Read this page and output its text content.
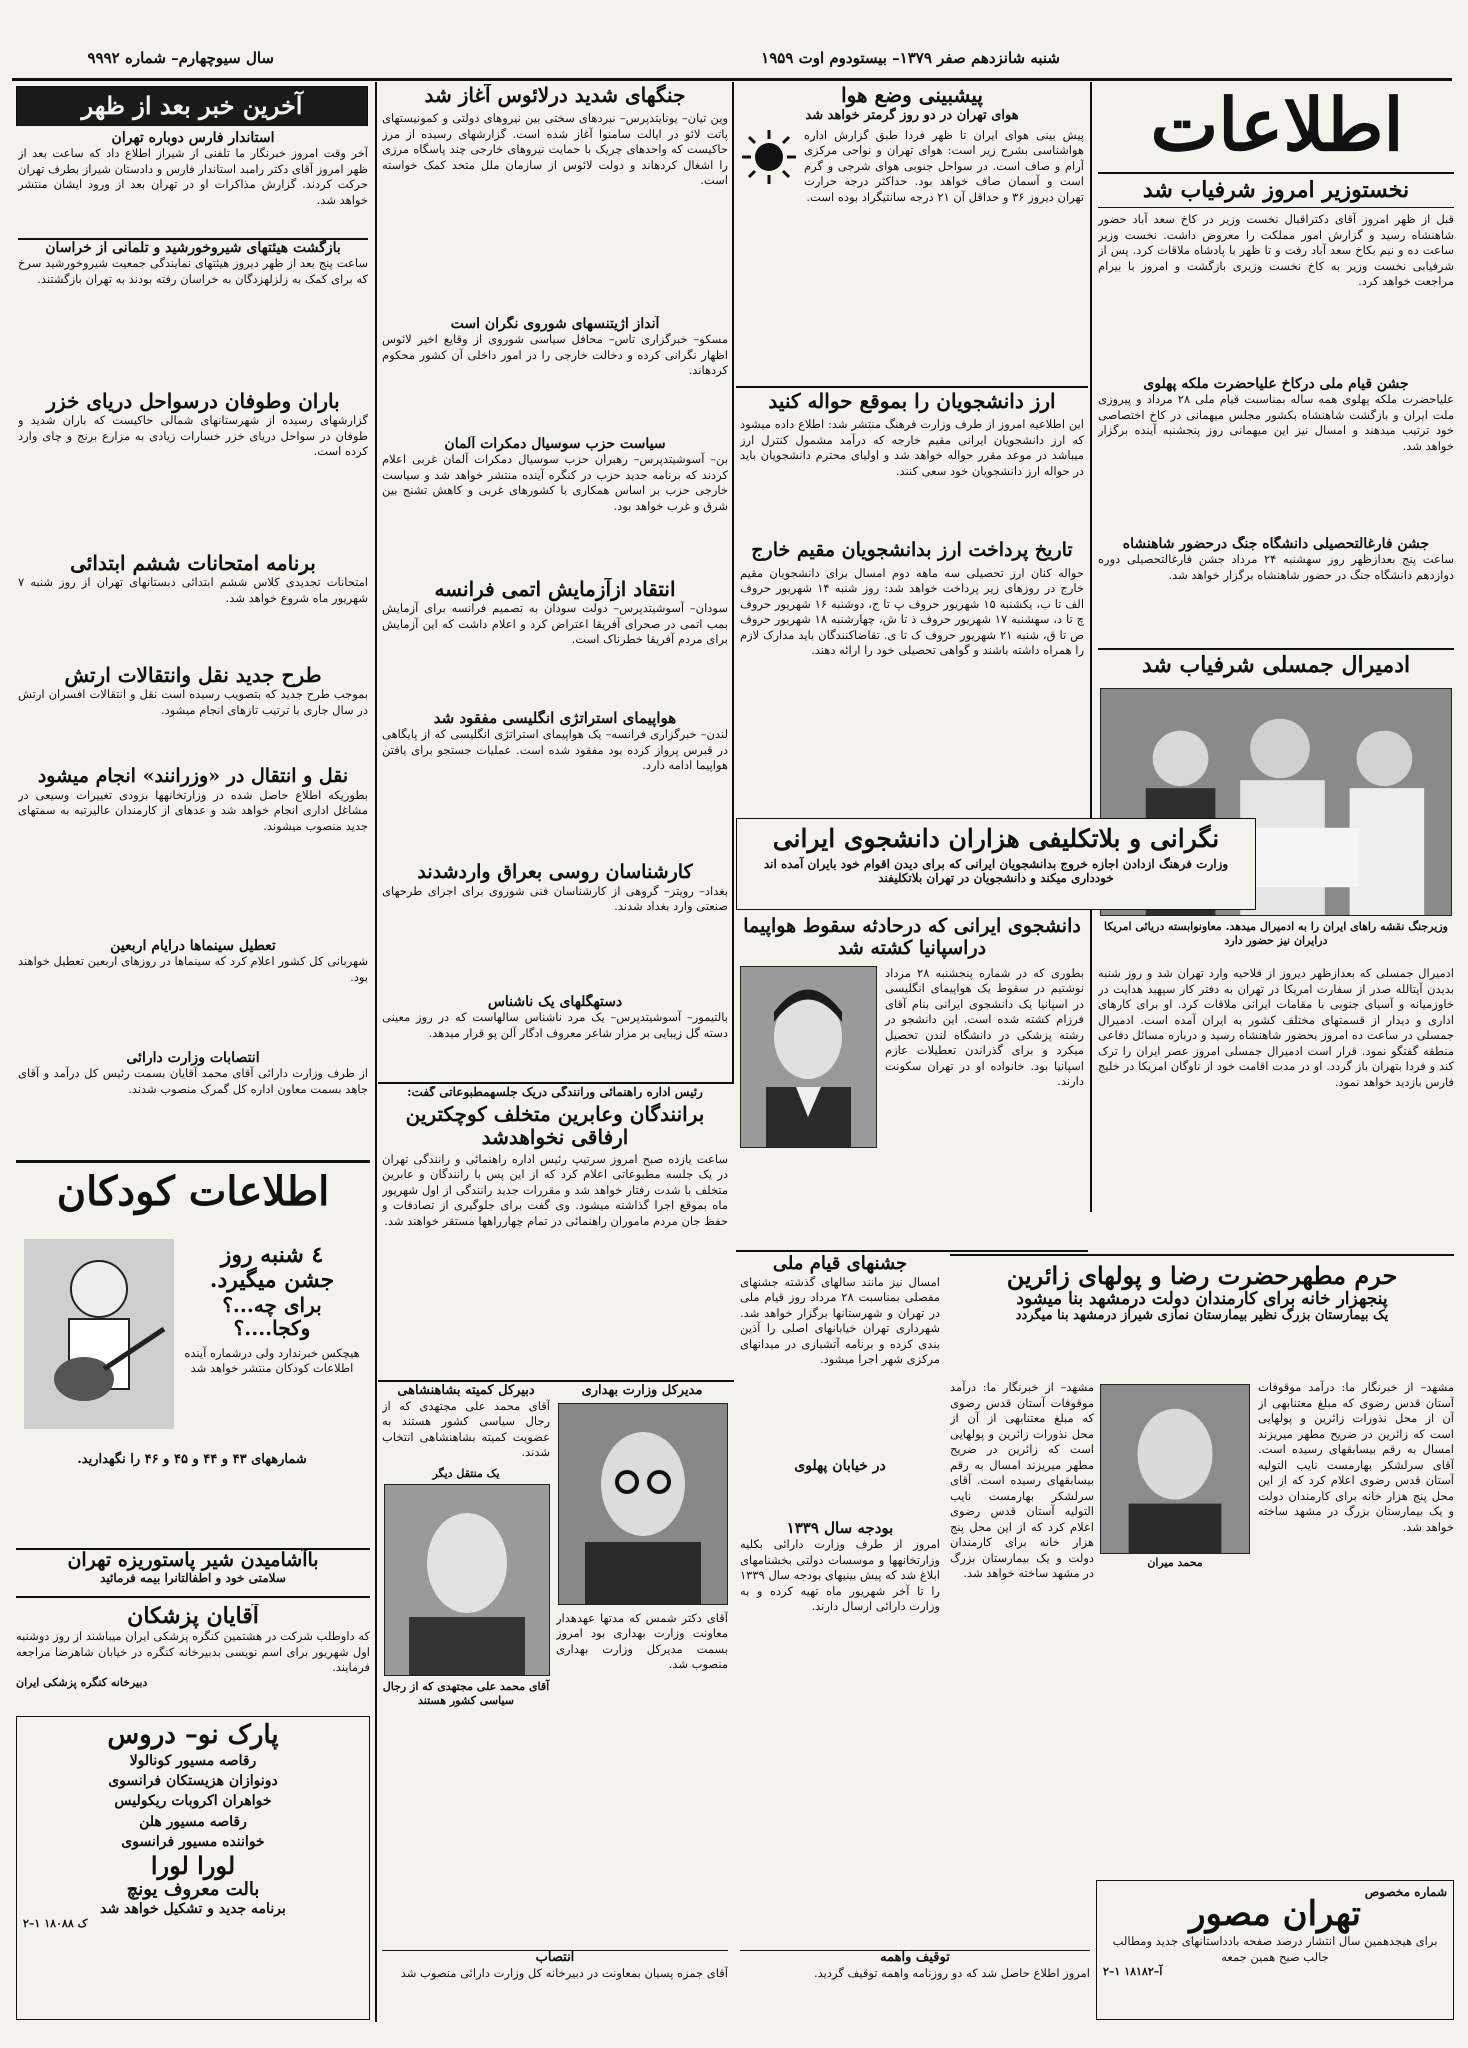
سال سیوچهارم– شماره ۹۹۹۲	شنبه شانزدهم صفر ۱۳۷۹– بیستودوم اوت ۱۹۵۹
اطلاعات
نخستوزیر امروز شرفیاب شد
قبل از ظهر امروز آقای دکتراقبال نخست وزیر در کاخ سعد آباد حضور شاهنشاه رسید و گزارش امور مملکت را معروض داشت. نخست وزیر ساعت ده و نیم بکاخ سعد آباد رفت و تا ظهر با پادشاه ملاقات کرد. پس از شرفیابی نخست وزیر به کاخ نخست وزیری بازگشت و امروز با بیرام مراجعت خواهد کرد.
جشن قیام ملی درکاخ علیاحضرت ملکه پهلوی
علیاحضرت ملکه پهلوی همه ساله بمناسبت قیام ملی ۲۸ مرداد و پیروزی ملت ایران و بازگشت شاهنشاه بکشور مجلس میهمانی در کاخ اختصاصی خود ترتیب میدهند و امسال نیز این میهمانی روز پنجشنبه آینده برگزار خواهد شد.
جشن فارغالتحصیلی دانشگاه جنگ درحضور شاهنشاه
ساعت پنج بعدازظهر روز سهشنبه ۲۴ مرداد جشن فارغالتحصیلی دوره دوازدهم دانشگاه جنگ در حضور شاهنشاه برگزار خواهد شد.
ادمیرال جمسلی شرفیاب شد
وزیرجنگ نقشه راهای ایران را به ادمیرال میدهد. معاونوابسته دریائی امریکا درایران نیز حضور دارد
ادمیرال جمسلی که بعدازظهر دیروز از فلاحیه وارد تهران شد و روز شنبه بدیدن آیتالله صدر از سفارت امریکا در تهران به دفتر کار سپهبد هدایت در خاوزمیانه و آسیای جنوبی با مقامات ایرانی ملاقات کرد. او برای کارهای اداری و دیدار از قسمتهای مختلف کشور به ایران آمده است. ادمیرال جمسلی در ساعت ده امروز بحضور شاهنشاه رسید و درباره مسائل دفاعی منطقه گفتگو نمود. قرار است ادمیرال جمسلی امروز عصر ایران را ترک کند و فردا بتهران باز گردد. او در مدت اقامت خود از ناوگان امریکا در خلیج فارس بازدید خواهد نمود.
پیشبینی وضع هوا
هوای تهران در دو روز گرمتر خواهد شد
پیش بینی هوای ایران تا ظهر فردا طبق گزارش اداره هواشناسی بشرح زیر است: هوای تهران و نواحی مرکزی آرام و صاف است. در سواحل جنوبی هوای شرجی و گرم است و آسمان صاف خواهد بود. حداکثر درجه حرارت تهران دیروز ۳۶ و حداقل آن ۲۱ درجه سانتیگراد بوده است.
ارز دانشجویان را بموقع حواله کنید
این اطلاعیه امروز از طرف وزارت فرهنگ منتشر شد: اطلاع داده میشود که ارز دانشجویان ایرانی مقیم خارجه که درآمد مشمول کنترل ارز میباشد در موعد مقرر حواله خواهد شد و اولیای محترم دانشجویان باید در حواله ارز دانشجویان خود سعی کنند.
تاریخ پرداخت ارز بدانشجویان مقیم خارج
حواله کنان ارز تحصیلی سه ماهه دوم امسال برای دانشجویان مقیم خارج در روزهای زیر پرداخت خواهد شد: روز شنبه ۱۴ شهریور حروف الف تا ب، یکشنبه ۱۵ شهریور حروف پ تا ج، دوشنبه ۱۶ شهریور حروف چ تا د، سهشنبه ۱۷ شهریور حروف ذ تا ش، چهارشنبه ۱۸ شهریور حروف ص تا ق، شنبه ۲۱ شهریور حروف ک تا ی. تقاضاکنندگان باید مدارک لازم را همراه داشته باشند و گواهی تحصیلی خود را ارائه دهند.
نگرانی و بلاتکلیفی هزاران دانشجوی ایرانی
وزارت فرهنگ ازدادن اجازه خروج بدانشجویان ایرانی که برای دیدن اقوام خود بایران آمده اند خودداری میکند و دانشجویان در تهران بلاتکلیفند
دانشجوی ایرانی که درحادثه سقوط هواپیما دراسپانیا کشته شد
بطوری که در شماره پنجشنبه ۲۸ مرداد نوشتیم در سقوط یک هواپیمای انگلیسی در اسپانیا یک دانشجوی ایرانی بنام آقای فرزام کشته شده است. این دانشجو در رشته پزشکی در دانشگاه لندن تحصیل میکرد و برای گذراندن تعطیلات عازم اسپانیا بود. خانواده او در تهران سکونت دارند.
جشنهای قیام ملی
امسال نیز مانند سالهای گذشته جشنهای مفصلی بمناسبت ۲۸ مرداد روز قیام ملی در تهران و شهرستانها برگزار خواهد شد. شهرداری تهران خیابانهای اصلی را آذین بندی کرده و برنامه آتشبازی در میدانهای مرکزی شهر اجرا میشود.
در خیابان پهلوی
بودجه سال ۱۳۳۹
امروز از طرف وزارت دارائی بکلیه وزارتخانهها و موسسات دولتی بخشنامهای ابلاغ شد که پیش بینیهای بودجه سال ۱۳۳۹ را تا آخر شهریور ماه تهیه کرده و به وزارت دارائی ارسال دارند.
حرم مطهرحضرت رضا و پولهای زائرین
پنجهزار خانه برای کارمندان دولت درمشهد بنا میشود
یک بیمارستان بزرگ نظیر بیمارستان نمازی شیراز درمشهد بنا میگردد
محمد میران
مشهد– از خبرنگار ما: درآمد موقوفات آستان قدس رضوی که مبلغ معتنابهی از آن از محل نذورات زائرین و پولهایی است که زائرین در ضریح مطهر میریزند امسال به رقم بیسابقهای رسیده است. آقای سرلشکر بهارمست نایب التولیه آستان قدس رضوی اعلام کرد که از این محل پنج هزار خانه برای کارمندان دولت و یک بیمارستان بزرگ در مشهد ساخته خواهد شد.
مشهد– از خبرنگار ما: درآمد موقوفات آستان قدس رضوی که مبلغ معتنابهی از آن از محل نذورات زائرین و پولهایی است که زائرین در ضریح مطهر میریزند امسال به رقم بیسابقهای رسیده است. آقای سرلشکر بهارمست نایب التولیه آستان قدس رضوی اعلام کرد که از این محل پنج هزار خانه برای کارمندان دولت و یک بیمارستان بزرگ در مشهد ساخته خواهد شد.
شماره مخصوص
تهران مصور
برای هیجدهمین سال انتشار درصد صفحه بادداستانهای جدید ومطالب جالب صبح همین جمعه
آ–۱۸۱۸۲ ۱–۲
جنگهای شدید درلائوس آغاز شد
وین تیان– یونایتدپرس– نبردهای سختی بین نیروهای دولتی و کمونیستهای پاتت لائو در ایالت سامنوا آغاز شده است. گزارشهای رسیده از مرز حاکیست که واحدهای چریک با حمایت نیروهای خارجی چند پاسگاه مرزی را اشغال کردهاند و دولت لائوس از سازمان ملل متحد کمک خواسته است.
آنداز اژیتنسهای شوروی نگران است
مسکو– خبرگزاری تاس– محافل سیاسی شوروی از وقایع اخیر لائوس اظهار نگرانی کرده و دخالت خارجی را در امور داخلی آن کشور محکوم کردهاند.
سیاست حزب سوسیال دمکرات آلمان
بن– آسوشیتدپرس– رهبران حزب سوسیال دمکرات آلمان غربی اعلام کردند که برنامه جدید حزب در کنگره آینده منتشر خواهد شد و سیاست خارجی حزب بر اساس همکاری با کشورهای غربی و کاهش تشنج بین شرق و غرب خواهد بود.
انتقاد ازآزمایش اتمی فرانسه
سودان– آسوشیتدپرس– دولت سودان به تصمیم فرانسه برای آزمایش بمب اتمی در صحرای آفریقا اعتراض کرد و اعلام داشت که این آزمایش برای مردم آفریقا خطرناک است.
هواپیمای استراتژی انگلیسی مفقود شد
لندن– خبرگزاری فرانسه– یک هواپیمای استراتژی انگلیسی که از پایگاهی در قبرس پرواز کرده بود مفقود شده است. عملیات جستجو برای یافتن هواپیما ادامه دارد.
کارشناسان روسی بعراق واردشدند
بغداد– رویتر– گروهی از کارشناسان فنی شوروی برای اجرای طرحهای صنعتی وارد بغداد شدند.
دستهگلهای یک ناشناس
بالتیمور– آسوشیتدپرس– یک مرد ناشناس سالهاست که در روز معینی دسته گل زیبایی بر مزار شاعر معروف ادگار آلن پو قرار میدهد.
رئیس اداره راهنمائی ورانندگی دریک جلسهمطبوعاتی گفت:
برانندگان وعابرین متخلف کوچکترین ارفاقی نخواهدشد
ساعت یازده صبح امروز سرتیپ رئیس اداره راهنمائی و رانندگی تهران در یک جلسه مطبوعاتی اعلام کرد که از این پس با رانندگان و عابرین متخلف با شدت رفتار خواهد شد و مقررات جدید رانندگی از اول شهریور ماه بموقع اجرا گذاشته میشود. وی گفت برای جلوگیری از تصادفات و حفظ جان مردم ماموران راهنمائی در تمام چهارراهها مستقر خواهند شد.
مدیرکل وزارت بهداری
آقای دکتر شمس که مدتها عهدهدار معاونت وزارت بهداری بود امروز بسمت مدیرکل وزارت بهداری منصوب شد.
دبیرکل کمیته بشاهنشاهی
آقای محمد علی مجتهدی که از رجال سیاسی کشور هستند به عضویت کمیته بشاهنشاهی انتخاب شدند.
یک منتقل دیگر
آقای محمد علی مجتهدی که از رجال سیاسی کشور هستند
انتصاب
آقای جمزه پسیان بمعاونت در دبیرخانه کل وزارت دارائی منصوب شد
توقیف واهمه
امروز اطلاع حاصل شد که دو روزنامه واهمه توقیف گردید.
آخرین خبر بعد از ظهر
استاندار فارس دوباره تهران
آخر وقت امروز خبرنگار ما تلفنی از شیراز اطلاع داد که ساعت بعد از ظهر امروز آقای دکتر رامبد استاندار فارس و دادستان شیراز بطرف تهران حرکت کردند. گزارش مذاکرات او در تهران بعد از ورود ایشان منتشر خواهد شد.
بازگشت هیئتهای شیروخورشید و تلمانی از خراسان
ساعت پنج بعد از ظهر دیروز هیئتهای نمایندگی جمعیت شیروخورشید سرخ که برای کمک به زلزلهزدگان به خراسان رفته بودند به تهران بازگشتند.
باران وطوفان درسواحل دریای خزر
گزارشهای رسیده از شهرستانهای شمالی حاکیست که باران شدید و طوفان در سواحل دریای خزر خسارات زیادی به مزارع برنج و چای وارد کرده است.
برنامه امتحانات ششم ابتدائی
امتحانات تجدیدی کلاس ششم ابتدائی دبستانهای تهران از روز شنبه ۷ شهریور ماه شروع خواهد شد.
طرح جدید نقل وانتقالات ارتش
بموجب طرح جدید که بتصویب رسیده است نقل و انتقالات افسران ارتش در سال جاری با ترتیب تازهای انجام میشود.
نقل و انتقال در «وزرانند» انجام میشود
بطوریکه اطلاع حاصل شده در وزارتخانهها بزودی تغییرات وسیعی در مشاغل اداری انجام خواهد شد و عدهای از کارمندان عالیرتبه به سمتهای جدید منصوب میشوند.
تعطیل سینماها درایام اربعین
شهربانی کل کشور اعلام کرد که سینماها در روزهای اربعین تعطیل خواهند بود.
انتصابات وزارت دارائی
از طرف وزارت دارائی آقای محمد آقایان بسمت رئیس کل درآمد و آقای جاهد بسمت معاون اداره کل گمرک منصوب شدند.
اطلاعات کودکان
٤ شنبه روز
جشن میگیرد.
برای چه...؟
وکجا....؟
هیچکس خبرندارد ولی درشماره آینده اطلاعات کودکان منتشر خواهد شد
شمارههای ۴۳ و ۴۴ و ۴۵ و ۴۶ را نگهدارید.
باآشامیدن شیر پاستوریزه تهران
سلامتی خود و اطفالتانرا بیمه فرمائید
آقایان پزشکان
که داوطلب شرکت در هشتمین کنگره پزشکی ایران میباشند از روز دوشنبه اول شهریور برای اسم نویسی بدبیرخانه کنگره در خیابان شاهرضا مراجعه فرمایند.
دبیرخانه کنگره پزشکی ایران
پارک نو– دروس
رقاصه مسیور کونالولا
دونوازان هزیستکان فرانسوی
خواهران اکروبات ریکولیس
رقاصه مسیور هلن
خواننده مسیور فرانسوی
لورا لورا
بالت معروف یونچ
برنامه جدید و تشکیل خواهد شد
ک ۱۸۰۸۸ ۱–۲
